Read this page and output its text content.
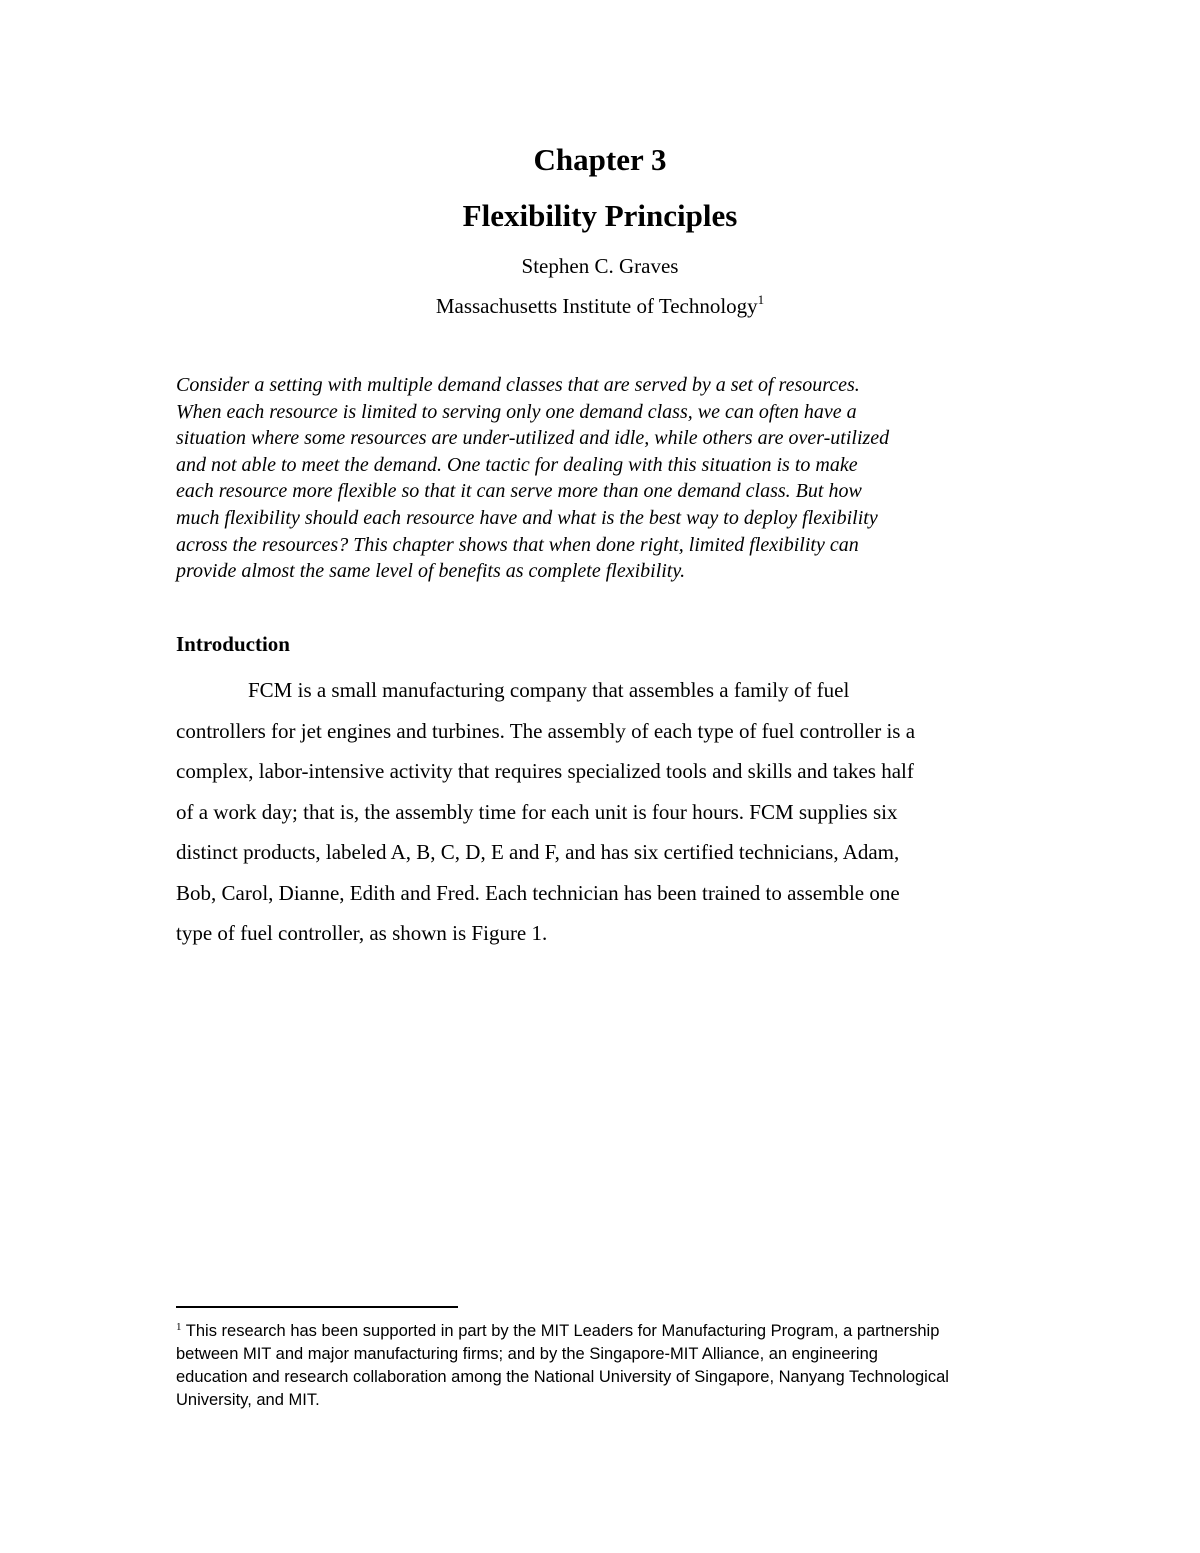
Chapter 3
Flexibility Principles
Stephen C. Graves
Massachusetts Institute of Technology$^1$
Consider a setting with multiple demand classes that are served by a set of resources.
When each resource is limited to serving only one demand class, we can often have a
situation where some resources are under-utilized and idle, while others are over-utilized
and not able to meet the demand. One tactic for dealing with this situation is to make
each resource more flexible so that it can serve more than one demand class. But how
much flexibility should each resource have and what is the best way to deploy flexibility
across the resources? This chapter shows that when done right, limited flexibility can
provide almost the same level of benefits as complete flexibility.
Introduction
FCM is a small manufacturing company that assembles a family of fuel
controllers for jet engines and turbines. The assembly of each type of fuel controller is a
complex, labor-intensive activity that requires specialized tools and skills and takes half
of a work day; that is, the assembly time for each unit is four hours. FCM supplies six
distinct products, labeled A, B, C, D, E and F, and has six certified technicians, Adam,
Bob, Carol, Dianne, Edith and Fred. Each technician has been trained to assemble one
type of fuel controller, as shown is Figure 1.
$^1$ This research has been supported in part by the MIT Leaders for Manufacturing Program, a partnership
between MIT and major manufacturing firms; and by the Singapore-MIT Alliance, an engineering
education and research collaboration among the National University of Singapore, Nanyang Technological
University, and MIT.
